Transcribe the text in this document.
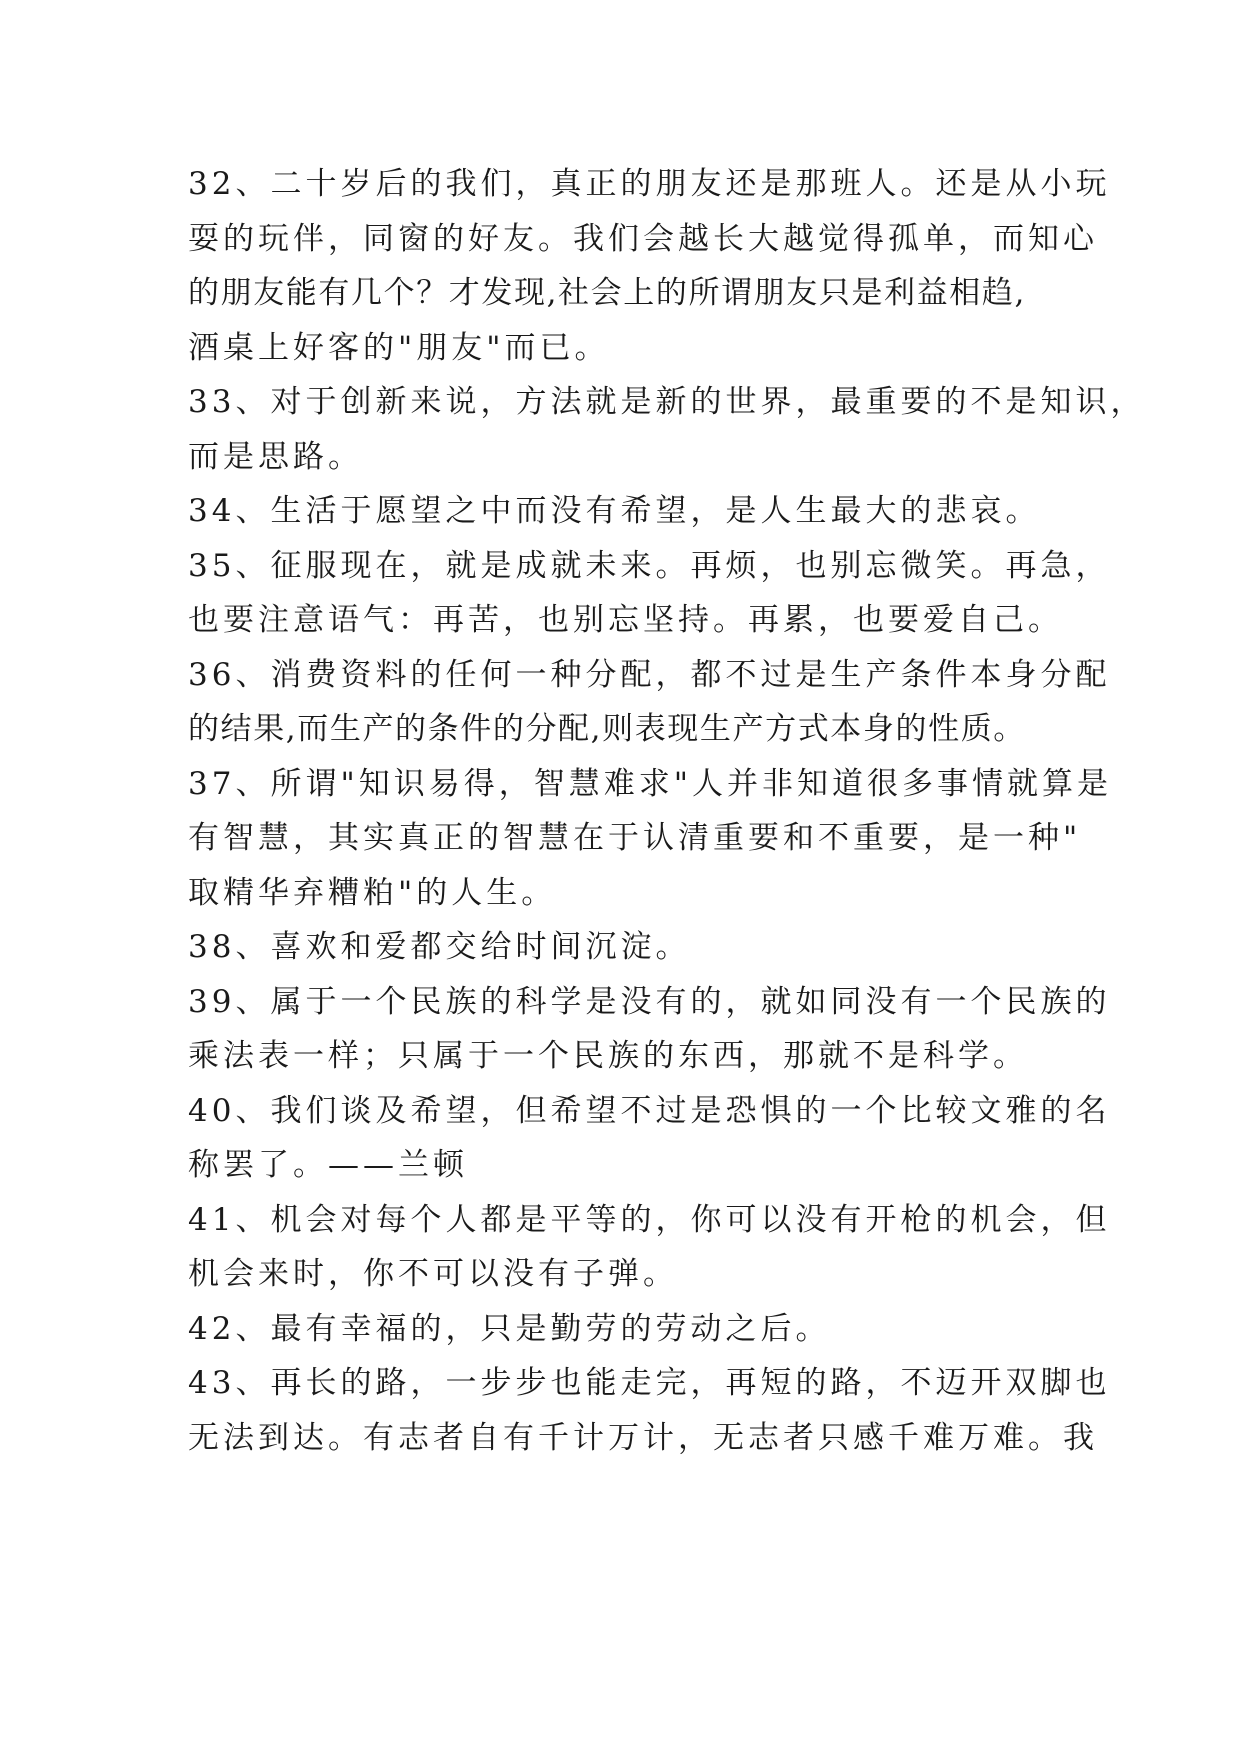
32、二十岁后的我们，真正的朋友还是那班人。还是从小玩
耍的玩伴，同窗的好友。我们会越长大越觉得孤单，而知心
的朋友能有几个？才发现,社会上的所谓朋友只是利益相趋,
酒桌上好客的"朋友"而已。
33、对于创新来说，方法就是新的世界，最重要的不是知识，
而是思路。
34、生活于愿望之中而没有希望，是人生最大的悲哀。
35、征服现在，就是成就未来。再烦，也别忘微笑。再急，
也要注意语气：再苦，也别忘坚持。再累，也要爱自己。
36、消费资料的任何一种分配，都不过是生产条件本身分配
的结果,而生产的条件的分配,则表现生产方式本身的性质。
37、所谓"知识易得，智慧难求"人并非知道很多事情就算是
有智慧，其实真正的智慧在于认清重要和不重要，是一种"
取精华弃糟粕"的人生。
38、喜欢和爱都交给时间沉淀。
39、属于一个民族的科学是没有的，就如同没有一个民族的
乘法表一样；只属于一个民族的东西，那就不是科学。
40、我们谈及希望，但希望不过是恐惧的一个比较文雅的名
称罢了。——兰顿
41、机会对每个人都是平等的，你可以没有开枪的机会，但
机会来时，你不可以没有子弹。
42、最有幸福的，只是勤劳的劳动之后。
43、再长的路，一步步也能走完，再短的路，不迈开双脚也
无法到达。有志者自有千计万计，无志者只感千难万难。我
